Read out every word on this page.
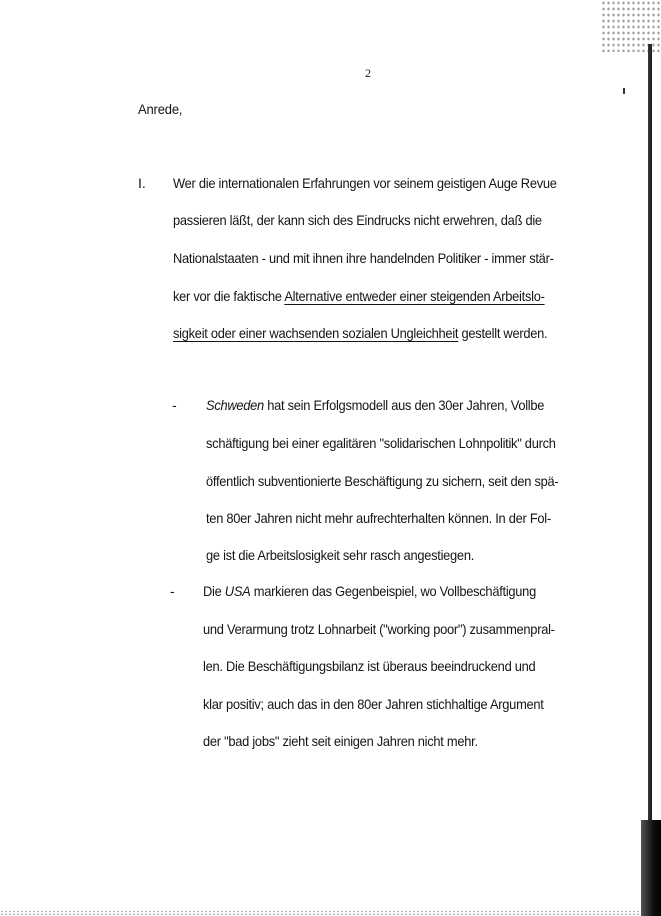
2
Anrede,
I. Wer die internationalen Erfahrungen vor seinem geistigen Auge Revue
passieren läßt, der kann sich des Eindrucks nicht erwehren, daß die
Nationalstaaten - und mit ihnen ihre handelnden Politiker - immer stär-
ker vor die faktische Alternative entweder einer steigenden Arbeitslo-
sigkeit oder einer wachsenden sozialen Ungleichheit gestellt werden.
- Schweden hat sein Erfolgsmodell aus den 30er Jahren, Vollbe
schäftigung bei einer egalitären "solidarischen Lohnpolitik" durch
öffentlich subventionierte Beschäftigung zu sichern, seit den spä-
ten 80er Jahren nicht mehr aufrechterhalten können. In der Fol-
ge ist die Arbeitslosigkeit sehr rasch angestiegen.
- Die USA markieren das Gegenbeispiel, wo Vollbeschäftigung
und Verarmung trotz Lohnarbeit ("working poor") zusammenpral-
len. Die Beschäftigungsbilanz ist überaus beeindruckend und
klar positiv; auch das in den 80er Jahren stichhaltige Argument
der "bad jobs" zieht seit einigen Jahren nicht mehr.
